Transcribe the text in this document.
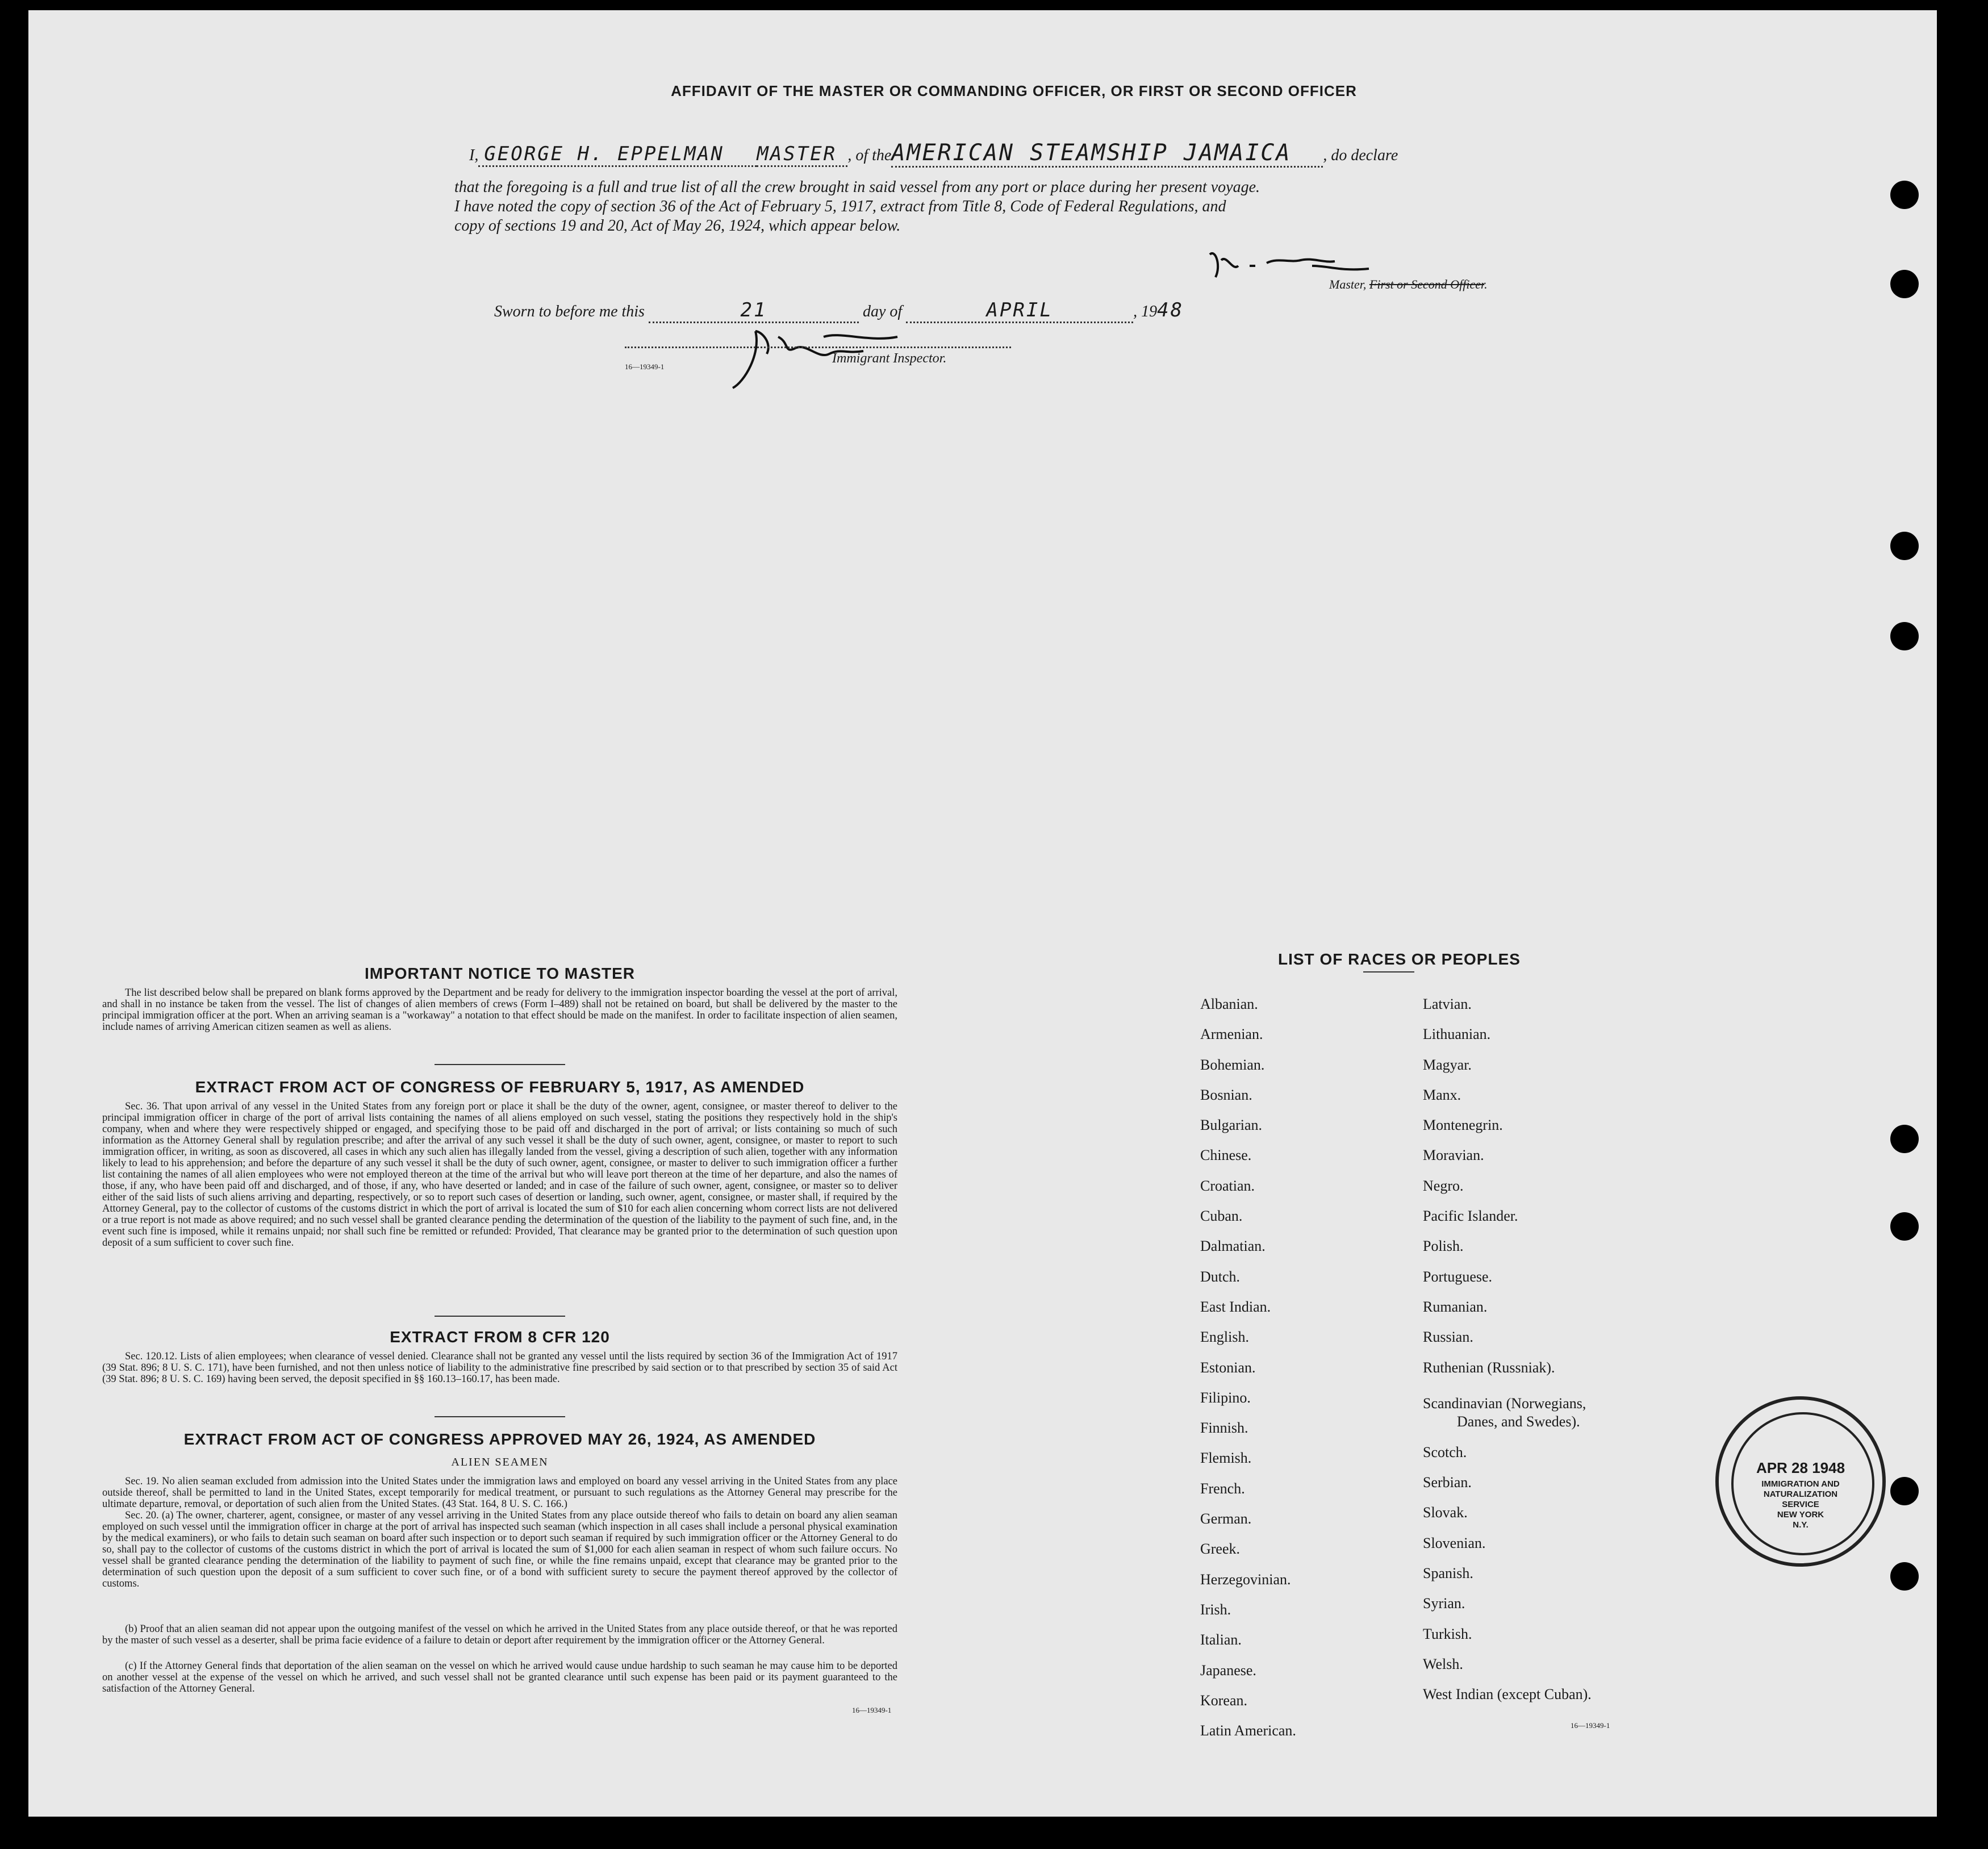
AFFIDAVIT OF THE MASTER OR COMMANDING OFFICER, OR FIRST OR SECOND OFFICER
I, GEORGE H. EPPELMAN MASTER , of theAMERICAN STEAMSHIP JAMAICA , do declare
that the foregoing is a full and true list of all the crew brought in said vessel from any port or place during her present voyage.
I have noted the copy of section 36 of the Act of February 5, 1917, extract from Title 8, Code of Federal Regulations, and
copy of sections 19 and 20, Act of May 26, 1924, which appear below.
Master, First or Second Officer.
Sworn to before me this	21	day of	APRIL	, 1948
Immigrant Inspector.
16—19349-1
IMPORTANT NOTICE TO MASTER
The list described below shall be prepared on blank forms approved by the Department and be ready for delivery to the immigration inspector boarding the vessel at the port of arrival, and shall in no instance be taken from the vessel. The list of changes of alien members of crews (Form I–489) shall not be retained on board, but shall be delivered by the master to the principal immigration officer at the port. When an arriving seaman is a "workaway" a notation to that effect should be made on the manifest. In order to facilitate inspection of alien seamen, include names of arriving American citizen seamen as well as aliens.
EXTRACT FROM ACT OF CONGRESS OF FEBRUARY 5, 1917, AS AMENDED
Sec. 36. That upon arrival of any vessel in the United States from any foreign port or place it shall be the duty of the owner, agent, consignee, or master thereof to deliver to the principal immigration officer in charge of the port of arrival lists containing the names of all aliens employed on such vessel, stating the positions they respectively hold in the ship's company, when and where they were respectively shipped or engaged, and specifying those to be paid off and discharged in the port of arrival; or lists containing so much of such information as the Attorney General shall by regulation prescribe; and after the arrival of any such vessel it shall be the duty of such owner, agent, consignee, or master to report to such immigration officer, in writing, as soon as discovered, all cases in which any such alien has illegally landed from the vessel, giving a description of such alien, together with any information likely to lead to his apprehension; and before the departure of any such vessel it shall be the duty of such owner, agent, consignee, or master to deliver to such immigration officer a further list containing the names of all alien employees who were not employed thereon at the time of the arrival but who will leave port thereon at the time of her departure, and also the names of those, if any, who have been paid off and discharged, and of those, if any, who have deserted or landed; and in case of the failure of such owner, agent, consignee, or master so to deliver either of the said lists of such aliens arriving and departing, respectively, or so to report such cases of desertion or landing, such owner, agent, consignee, or master shall, if required by the Attorney General, pay to the collector of customs of the customs district in which the port of arrival is located the sum of $10 for each alien concerning whom correct lists are not delivered or a true report is not made as above required; and no such vessel shall be granted clearance pending the determination of the question of the liability to the payment of such fine, and, in the event such fine is imposed, while it remains unpaid; nor shall such fine be remitted or refunded: Provided, That clearance may be granted prior to the determination of such question upon deposit of a sum sufficient to cover such fine.
EXTRACT FROM 8 CFR 120
Sec. 120.12. Lists of alien employees; when clearance of vessel denied. Clearance shall not be granted any vessel until the lists required by section 36 of the Immigration Act of 1917 (39 Stat. 896; 8 U. S. C. 171), have been furnished, and not then unless notice of liability to the administrative fine prescribed by said section or to that prescribed by section 35 of said Act (39 Stat. 896; 8 U. S. C. 169) having been served, the deposit specified in §§ 160.13–160.17, has been made.
EXTRACT FROM ACT OF CONGRESS APPROVED MAY 26, 1924, AS AMENDED
ALIEN SEAMEN
Sec. 19. No alien seaman excluded from admission into the United States under the immigration laws and employed on board any vessel arriving in the United States from any place outside thereof, shall be permitted to land in the United States, except temporarily for medical treatment, or pursuant to such regulations as the Attorney General may prescribe for the ultimate departure, removal, or deportation of such alien from the United States. (43 Stat. 164, 8 U. S. C. 166.)
Sec. 20. (a) The owner, charterer, agent, consignee, or master of any vessel arriving in the United States from any place outside thereof who fails to detain on board any alien seaman employed on such vessel until the immigration officer in charge at the port of arrival has inspected such seaman (which inspection in all cases shall include a personal physical examination by the medical examiners), or who fails to detain such seaman on board after such inspection or to deport such seaman if required by such immigration officer or the Attorney General to do so, shall pay to the collector of customs of the customs district in which the port of arrival is located the sum of $1,000 for each alien seaman in respect of whom such failure occurs. No vessel shall be granted clearance pending the determination of the liability to payment of such fine, or while the fine remains unpaid, except that clearance may be granted prior to the determination of such question upon the deposit of a sum sufficient to cover such fine, or of a bond with sufficient surety to secure the payment thereof approved by the collector of customs.
(b) Proof that an alien seaman did not appear upon the outgoing manifest of the vessel on which he arrived in the United States from any place outside thereof, or that he was reported by the master of such vessel as a deserter, shall be prima facie evidence of a failure to detain or deport after requirement by the immigration officer or the Attorney General.
(c) If the Attorney General finds that deportation of the alien seaman on the vessel on which he arrived would cause undue hardship to such seaman he may cause him to be deported on another vessel at the expense of the vessel on which he arrived, and such vessel shall not be granted clearance until such expense has been paid or its payment guaranteed to the satisfaction of the Attorney General.
16—19349-1
LIST OF RACES OR PEOPLES
Albanian.
Armenian.
Bohemian.
Bosnian.
Bulgarian.
Chinese.
Croatian.
Cuban.
Dalmatian.
Dutch.
East Indian.
English.
Estonian.
Filipino.
Finnish.
Flemish.
French.
German.
Greek.
Herzegovinian.
Irish.
Italian.
Japanese.
Korean.
Latin American.
Latvian.
Lithuanian.
Magyar.
Manx.
Montenegrin.
Moravian.
Negro.
Pacific Islander.
Polish.
Portuguese.
Rumanian.
Russian.
Ruthenian (Russniak).
Scandinavian (Norwegians,
Danes, and Swedes).
Scotch.
Serbian.
Slovak.
Slovenian.
Spanish.
Syrian.
Turkish.
Welsh.
West Indian (except Cuban).
16—19349-1
APR 28 1948
IMMIGRATION AND
NATURALIZATION
SERVICE
NEW YORK
N.Y.
